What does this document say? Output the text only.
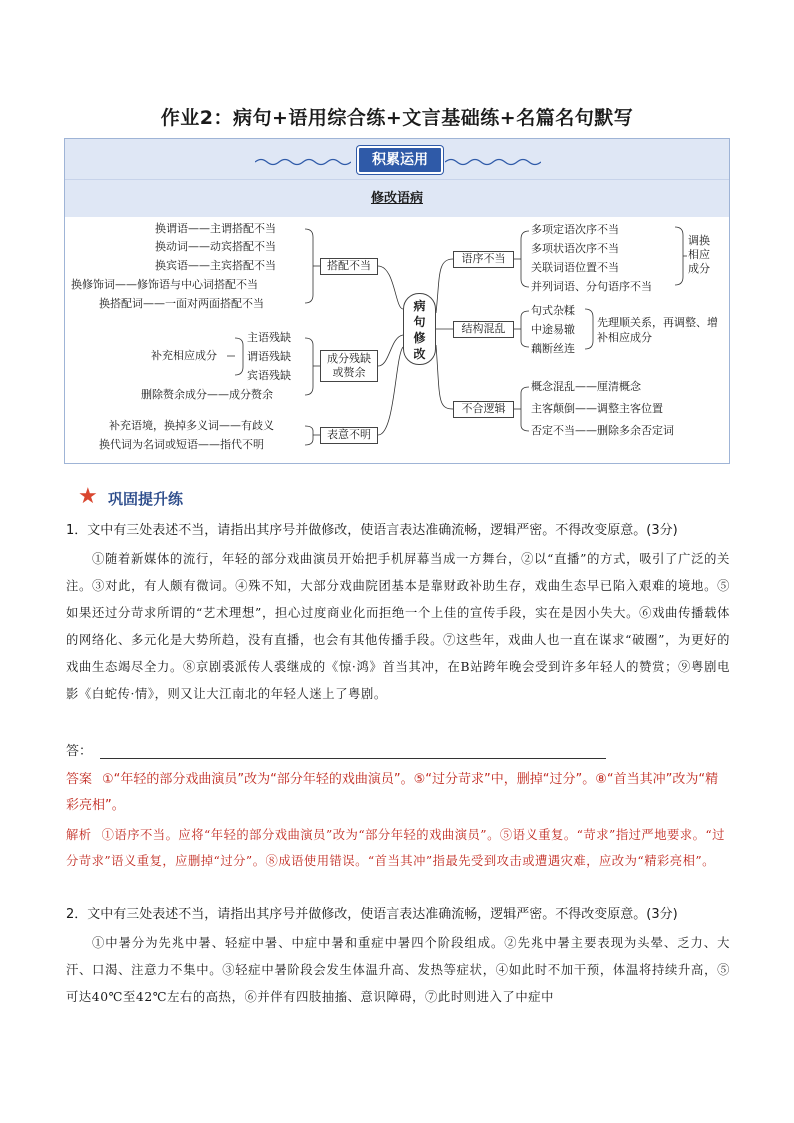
作业2：病句+语用综合练+文言基础练+名篇名句默写
积累运用
修改语病
换谓语——主谓搭配不当
换动词——动宾搭配不当
换宾语——主宾搭配不当
换修饰词——修饰语与中心词搭配不当
换搭配词——一面对两面搭配不当
搭配不当
补充相应成分
主语残缺
谓语残缺
宾语残缺
删除赘余成分——成分赘余
成分残缺或赘余
补充语境，换掉多义词——有歧义
换代词为名词或短语——指代不明
表意不明
病句修改
语序不当
多项定语次序不当
多项状语次序不当
关联词语位置不当
并列词语、分句语序不当
调换相应成分
结构混乱
句式杂糅
中途易辙
藕断丝连
先理顺关系，再调整、增补相应成分
不合逻辑
概念混乱——厘清概念
主客颠倒——调整主客位置
否定不当——删除多余否定词
★ 巩固提升练
1．文中有三处表述不当，请指出其序号并做修改，使语言表达准确流畅，逻辑严密。不得改变原意。(3分)
①随着新媒体的流行，年轻的部分戏曲演员开始把手机屏幕当成一方舞台，②以“直播”的方式，吸引了广泛的关注。③对此，有人颇有微词。④殊不知，大部分戏曲院团基本是靠财政补助生存，戏曲生态早已陷入艰难的境地。⑤如果还过分苛求所谓的“艺术理想”，担心过度商业化而拒绝一个上佳的宣传手段，实在是因小失大。⑥戏曲传播载体的网络化、多元化是大势所趋，没有直播，也会有其他传播手段。⑦这些年，戏曲人也一直在谋求“破圈”，为更好的戏曲生态竭尽全力。⑧京剧裘派传人裘继成的《惊·鸿》首当其冲，在B站跨年晚会受到许多年轻人的赞赏；⑨粤剧电影《白蛇传·情》，则又让大江南北的年轻人迷上了粤剧。
答：
答案 ①“年轻的部分戏曲演员”改为“部分年轻的戏曲演员”。⑤“过分苛求”中，删掉“过分”。⑧“首当其冲”改为“精彩亮相”。
解析 ①语序不当。应将“年轻的部分戏曲演员”改为“部分年轻的戏曲演员”。⑤语义重复。“苛求”指过严地要求。“过分苛求”语义重复，应删掉“过分”。⑧成语使用错误。“首当其冲”指最先受到攻击或遭遇灾难，应改为“精彩亮相”。
2．文中有三处表述不当，请指出其序号并做修改，使语言表达准确流畅，逻辑严密。不得改变原意。(3分)
①中暑分为先兆中暑、轻症中暑、中症中暑和重症中暑四个阶段组成。②先兆中暑主要表现为头晕、乏力、大汗、口渴、注意力不集中。③轻症中暑阶段会发生体温升高、发热等症状，④如此时不加干预，体温将持续升高，⑤可达40℃至42℃左右的高热，⑥并伴有四肢抽搐、意识障碍，⑦此时则进入了中症中
